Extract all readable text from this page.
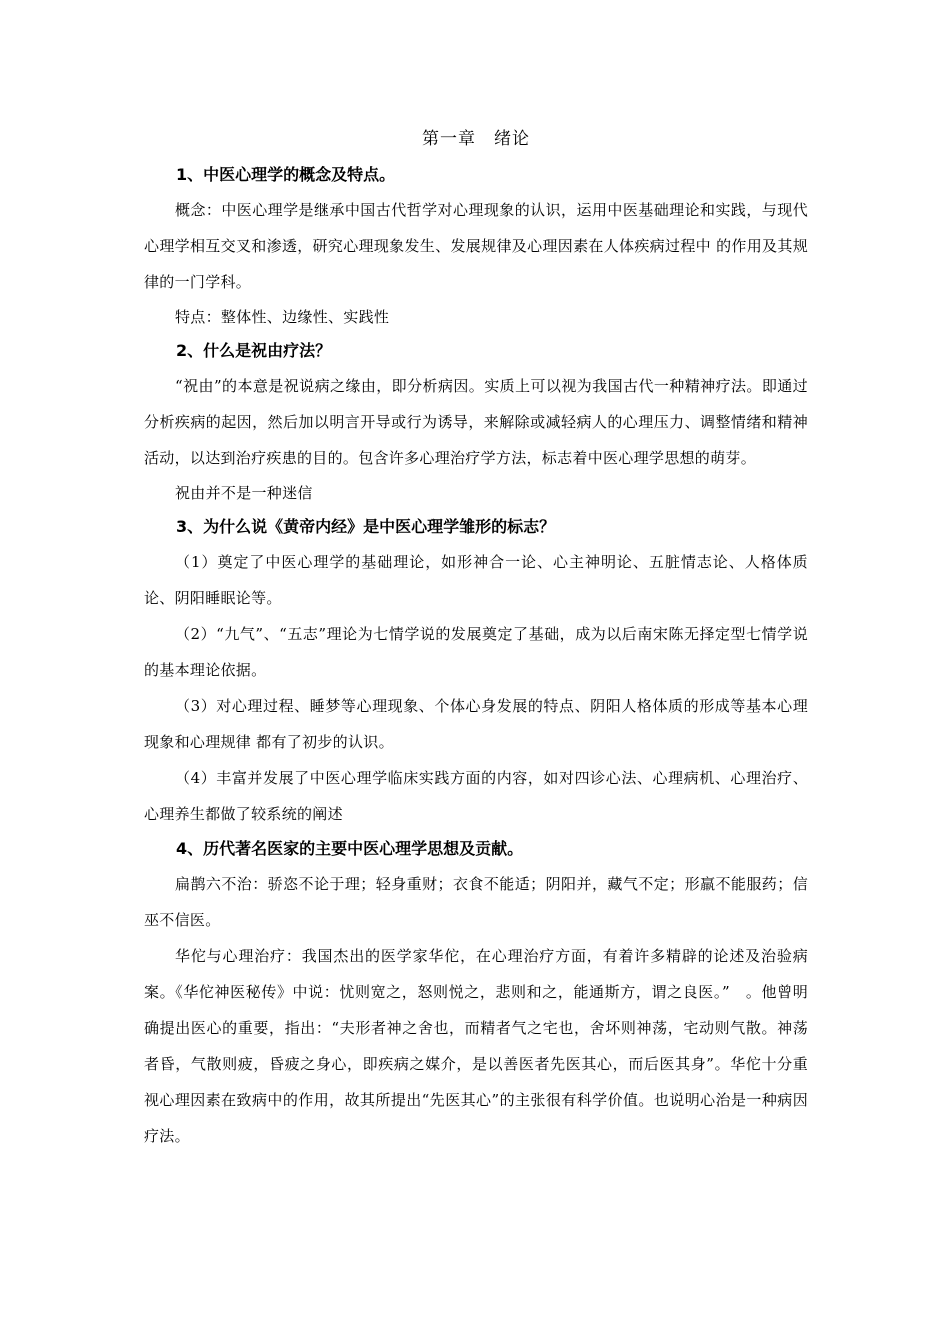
第一章　绪论
1、中医心理学的概念及特点。

概念：中医心理学是继承中国古代哲学对心理现象的认识，运用中医基础理论和实践，与现代心理学相互交叉和渗透，研究心理现象发生、发展规律及心理因素在人体疾病过程中 的作用及其规律的一门学科。

特点：整体性、边缘性、实践性

2、什么是祝由疗法？

“祝由”的本意是祝说病之缘由，即分析病因。实质上可以视为我国古代一种精神疗法。即通过分析疾病的起因，然后加以明言开导或行为诱导，来解除或减轻病人的心理压力、调整情绪和精神活动，以达到治疗疾患的目的。包含许多心理治疗学方法，标志着中医心理学思想的萌芽。

祝由并不是一种迷信

3、为什么说《黄帝内经》是中医心理学雏形的标志？

（1）奠定了中医心理学的基础理论，如形神合一论、心主神明论、五脏情志论、人格体质论、阴阳睡眠论等。

（2）“九气”、“五志”理论为七情学说的发展奠定了基础，成为以后南宋陈无择定型七情学说的基本理论依据。

（3）对心理过程、睡梦等心理现象、个体心身发展的特点、阴阳人格体质的形成等基本心理现象和心理规律 都有了初步的认识。

（4）丰富并发展了中医心理学临床实践方面的内容，如对四诊心法、心理病机、心理治疗、心理养生都做了较系统的阐述

4、历代著名医家的主要中医心理学思想及贡献。

扁鹊六不治：骄恣不论于理；轻身重财；衣食不能适；阴阳并，藏气不定；形羸不能服药；信巫不信医。

华佗与心理治疗：我国杰出的医学家华佗，在心理治疗方面，有着许多精辟的论述及治验病案。《华佗神医秘传》中说：忧则宽之，怒则悦之，悲则和之，能通斯方，谓之良医。”　。他曾明确提出医心的重要，指出：“夫形者神之舍也，而精者气之宅也，舍坏则神荡，宅动则气散。神荡者昏，气散则疲，昏疲之身心，即疾病之媒介，是以善医者先医其心，而后医其身”。华佗十分重视心理因素在致病中的作用，故其所提出“先医其心”的主张很有科学价值。也说明心治是一种病因疗法。
